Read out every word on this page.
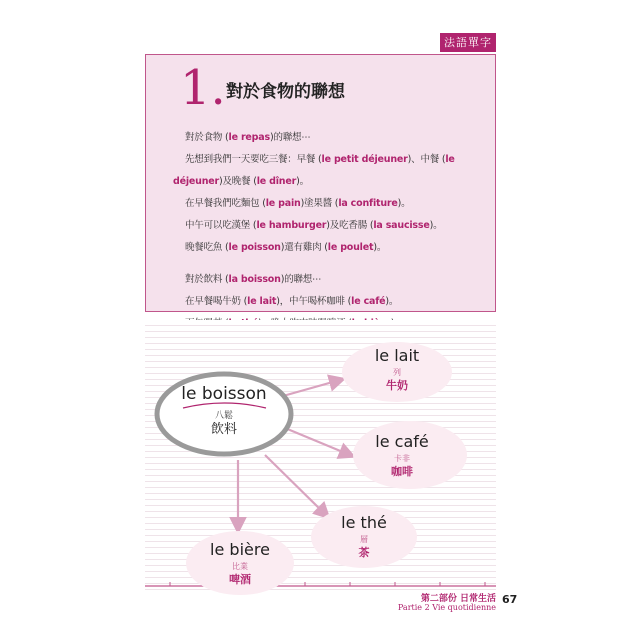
法語單字
1. 對於食物的聯想
對於食物 (le repas)的聯想⋯
先想到我們一天要吃三餐：早餐 (le petit déjeuner)、中餐 (le
déjeuner)及晚餐 (le dîner)。
在早餐我們吃麵包 (le pain)塗果醬 (la confiture)。
中午可以吃漢堡 (le hamburger)及吃香腸 (la saucisse)。
晚餐吃魚 (le poisson)還有雞肉 (le poulet)。
對於飲料 (la boisson)的聯想⋯
在早餐喝牛奶 (le lait)，中午喝杯咖啡 (le café)。
le boisson
八鬆
飲料
le lait
列
牛奶
le café
卡非
咖啡
le thé
層
茶
le bière
比業
啤酒
第二部份 日常生活
Partie 2 Vie quotidienne
67
